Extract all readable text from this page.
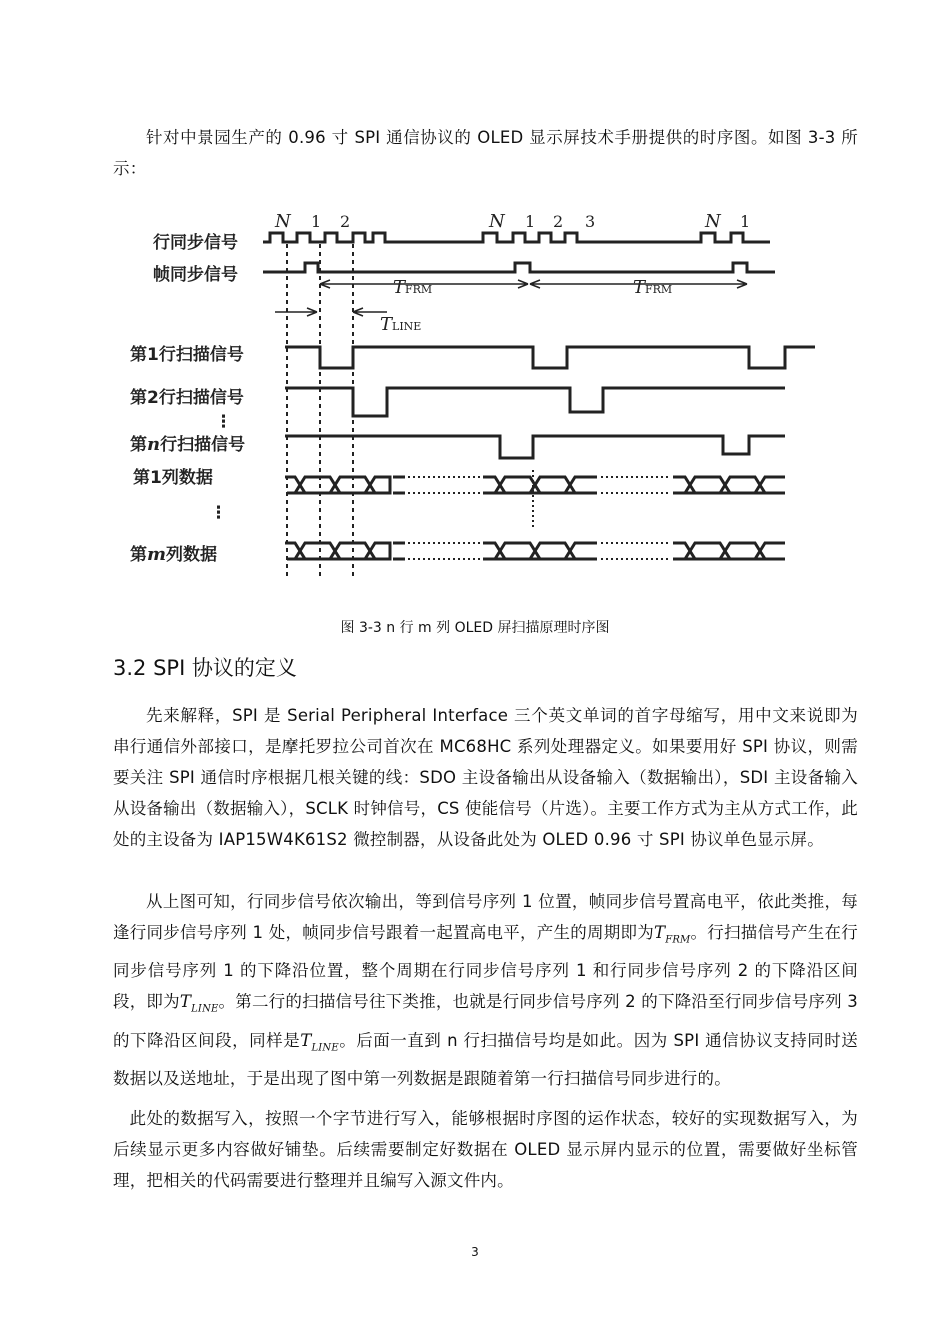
针对中景园生产的 0.96 寸 SPI 通信协议的 OLED 显示屏技术手册提供的时序图。如图 3-3 所示：

行同步信号
帧同步信号
第1行扫描信号
第2行扫描信号
⋮
第n行扫描信号
第1列数据
⋮
第m列数据
N 1 2	N 1 2 3	N 1
TFRM	TFRM
TLINE

图 3-3 n 行 m 列 OLED 屏扫描原理时序图

3.2 SPI 协议的定义

先来解释，SPI 是 Serial Peripheral Interface 三个英文单词的首字母缩写，用中文来说即为串行通信外部接口，是摩托罗拉公司首次在 MC68HC 系列处理器定义。如果要用好 SPI 协议，则需要关注 SPI 通信时序根据几根关键的线：SDO 主设备输出从设备输入（数据输出），SDI 主设备输入从设备输出（数据输入），SCLK 时钟信号，CS 使能信号（片选）。主要工作方式为主从方式工作，此处的主设备为 IAP15W4K61S2 微控制器，从设备此处为 OLED 0.96 寸 SPI 协议单色显示屏。

从上图可知，行同步信号依次输出，等到信号序列 1 位置，帧同步信号置高电平，依此类推，每逢行同步信号序列 1 处，帧同步信号跟着一起置高电平，产生的周期即为$T_{FRM}$。行扫描信号产生在行同步信号序列 1 的下降沿位置，整个周期在行同步信号序列 1 和行同步信号序列 2 的下降沿区间段，即为$T_{LINE}$。第二行的扫描信号往下类推，也就是行同步信号序列 2 的下降沿至行同步信号序列 3 的下降沿区间段，同样是$T_{LINE}$。后面一直到 n 行扫描信号均是如此。因为 SPI 通信协议支持同时送数据以及送地址，于是出现了图中第一列数据是跟随着第一行扫描信号同步进行的。

此处的数据写入，按照一个字节进行写入，能够根据时序图的运作状态，较好的实现数据写入，为后续显示更多内容做好铺垫。后续需要制定好数据在 OLED 显示屏内显示的位置，需要做好坐标管理，把相关的代码需要进行整理并且编写入源文件内。

3
